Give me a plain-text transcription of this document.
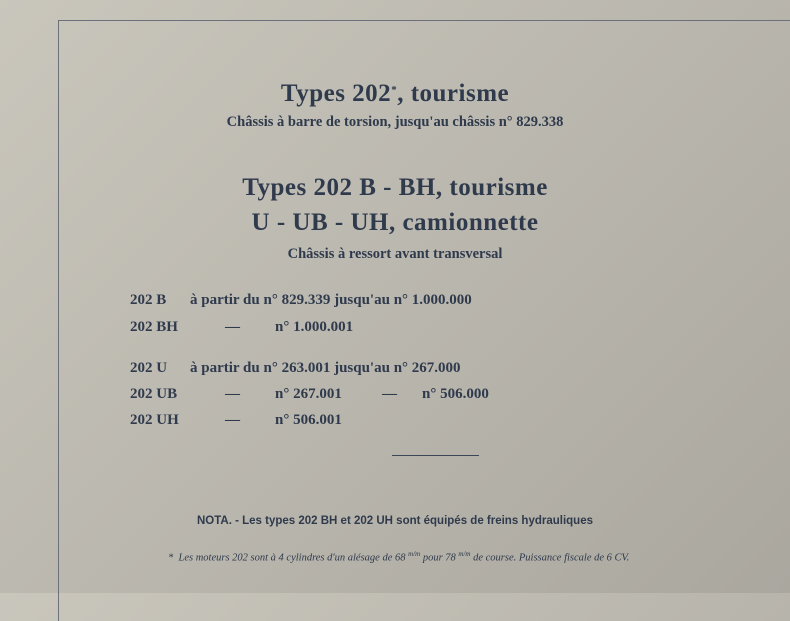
Types 202*, tourisme
Châssis à barre de torsion, jusqu'au châssis n° 829.338
Types 202 B - BH, tourisme
U - UB - UH, camionnette
Châssis à ressort avant transversal
202 B à partir du n° 829.339 jusqu'au n° 1.000.000
202 BH	— n° 1.000.001
202 U à partir du n° 263.001 jusqu'au n° 267.000
202 UB	— n° 267.001	— n° 506.000
202 UH	— n° 506.001
NOTA. - Les types 202 BH et 202 UH sont équipés de freins hydrauliques
* Les moteurs 202 sont à 4 cylindres d'un alésage de 68 $^{m/m}$ pour 78 $^{m/m}$ de course. Puissance fiscale de 6 CV.
